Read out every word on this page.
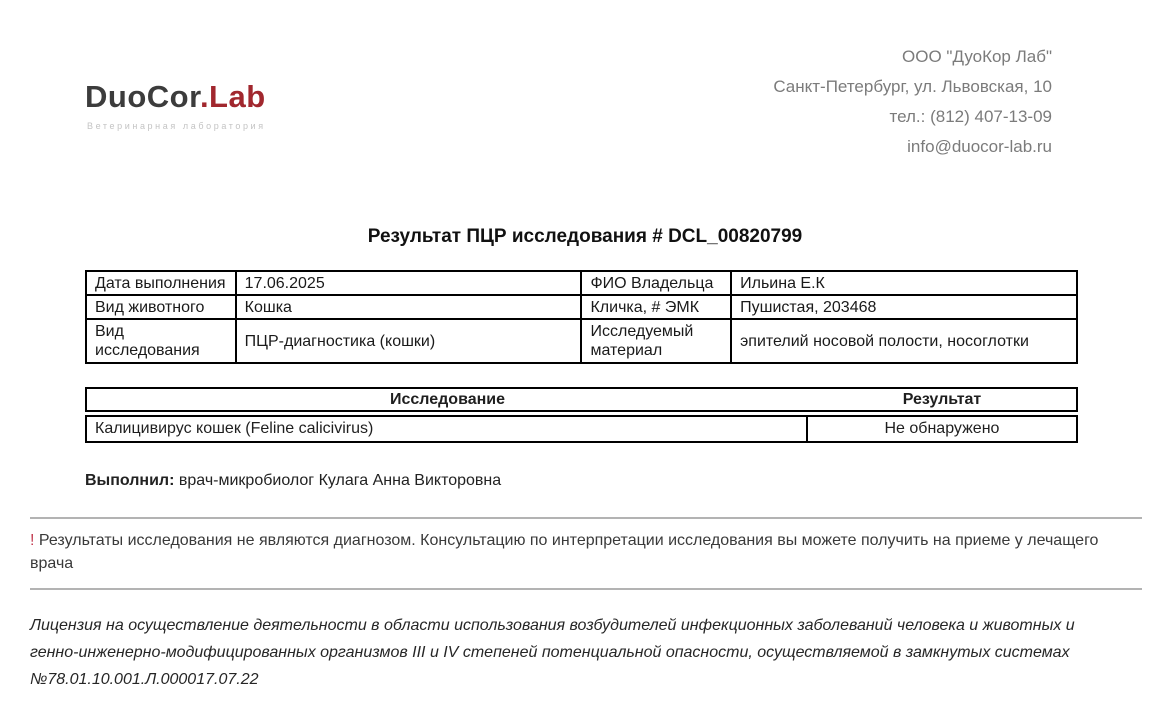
DuoCor.Lab
Ветеринарная лаборатория
ООО "ДуоКор Лаб"
Санкт-Петербург, ул. Львовская, 10
тел.: (812) 407-13-09
info@duocor-lab.ru
Результат ПЦР исследования # DCL_00820799
Дата выполнения	17.06.2025	ФИО Владельца	Ильина Е.К
Вид животного	Кошка	Кличка, # ЭМК	Пушистая, 203468
Вид исследования	ПЦР-диагностика (кошки)	Исследуемый материал	эпителий носовой полости, носоглотки
Исследование	Результат
Калицивирус кошек (Feline calicivirus)	Не обнаружено
Выполнил: врач-микробиолог Кулага Анна Викторовна
! Результаты исследования не являются диагнозом. Консультацию по интерпретации исследования вы можете получить на приеме у лечащего врача
Лицензия на осуществление деятельности в области использования возбудителей инфекционных заболеваний человека и животных и генно-инженерно-модифицированных организмов III и IV степеней потенциальной опасности, осуществляемой в замкнутых системах №78.01.10.001.Л.000017.07.22
